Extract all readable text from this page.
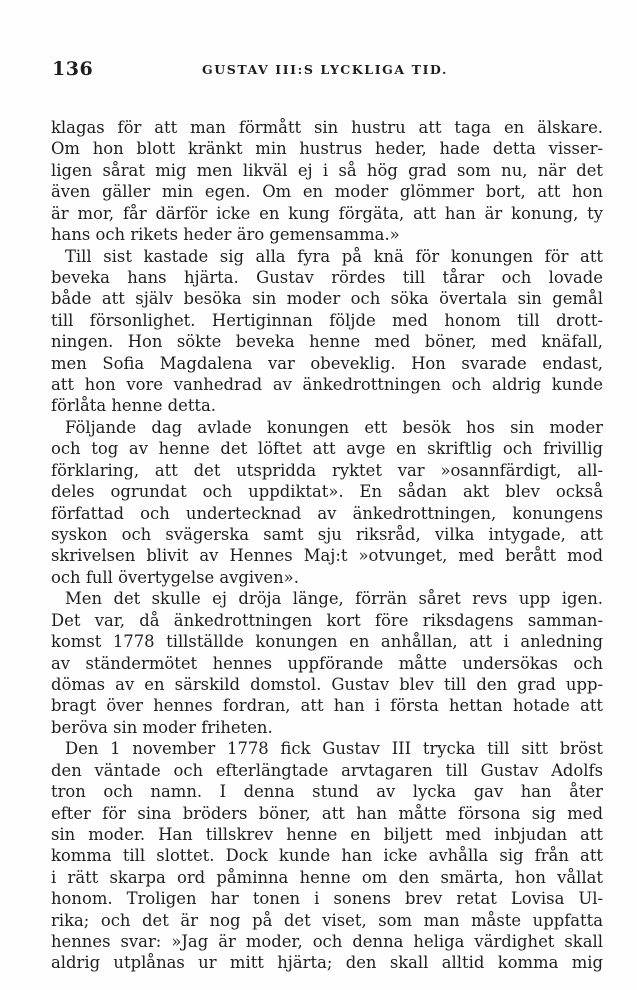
136	GUSTAV III:S LYCKLIGA TID.
klagas för att man förmått sin hustru att taga en älskare.
Om hon blott kränkt min hustrus heder, hade detta visser-
ligen sårat mig men likväl ej i så hög grad som nu, när det
även gäller min egen. Om en moder glömmer bort, att hon
är mor, får därför icke en kung förgäta, att han är konung, ty
hans och rikets heder äro gemensamma.»
Till sist kastade sig alla fyra på knä för konungen för att
beveka hans hjärta. Gustav rördes till tårar och lovade
både att själv besöka sin moder och söka övertala sin gemål
till försonlighet. Hertiginnan följde med honom till drott-
ningen. Hon sökte beveka henne med böner, med knäfall,
men Sofia Magdalena var obeveklig. Hon svarade endast,
att hon vore vanhedrad av änkedrottningen och aldrig kunde
förlåta henne detta.
Följande dag avlade konungen ett besök hos sin moder
och tog av henne det löftet att avge en skriftlig och frivillig
förklaring, att det utspridda ryktet var »osannfärdigt, all-
deles ogrundat och uppdiktat». En sådan akt blev också
författad och undertecknad av änkedrottningen, konungens
syskon och svägerska samt sju riksråd, vilka intygade, att
skrivelsen blivit av Hennes Maj:t »otvunget, med berått mod
och full övertygelse avgiven».
Men det skulle ej dröja länge, förrän såret revs upp igen.
Det var, då änkedrottningen kort före riksdagens samman-
komst 1778 tillställde konungen en anhållan, att i anledning
av ständermötet hennes uppförande måtte undersökas och
dömas av en särskild domstol. Gustav blev till den grad upp-
bragt över hennes fordran, att han i första hettan hotade att
beröva sin moder friheten.
Den 1 november 1778 fick Gustav III trycka till sitt bröst
den väntade och efterlängtade arvtagaren till Gustav Adolfs
tron och namn. I denna stund av lycka gav han åter
efter för sina bröders böner, att han måtte försona sig med
sin moder. Han tillskrev henne en biljett med inbjudan att
komma till slottet. Dock kunde han icke avhålla sig från att
i rätt skarpa ord påminna henne om den smärta, hon vållat
honom. Troligen har tonen i sonens brev retat Lovisa Ul-
rika; och det är nog på det viset, som man måste uppfatta
hennes svar: »Jag är moder, och denna heliga värdighet skall
aldrig utplånas ur mitt hjärta; den skall alltid komma mig
